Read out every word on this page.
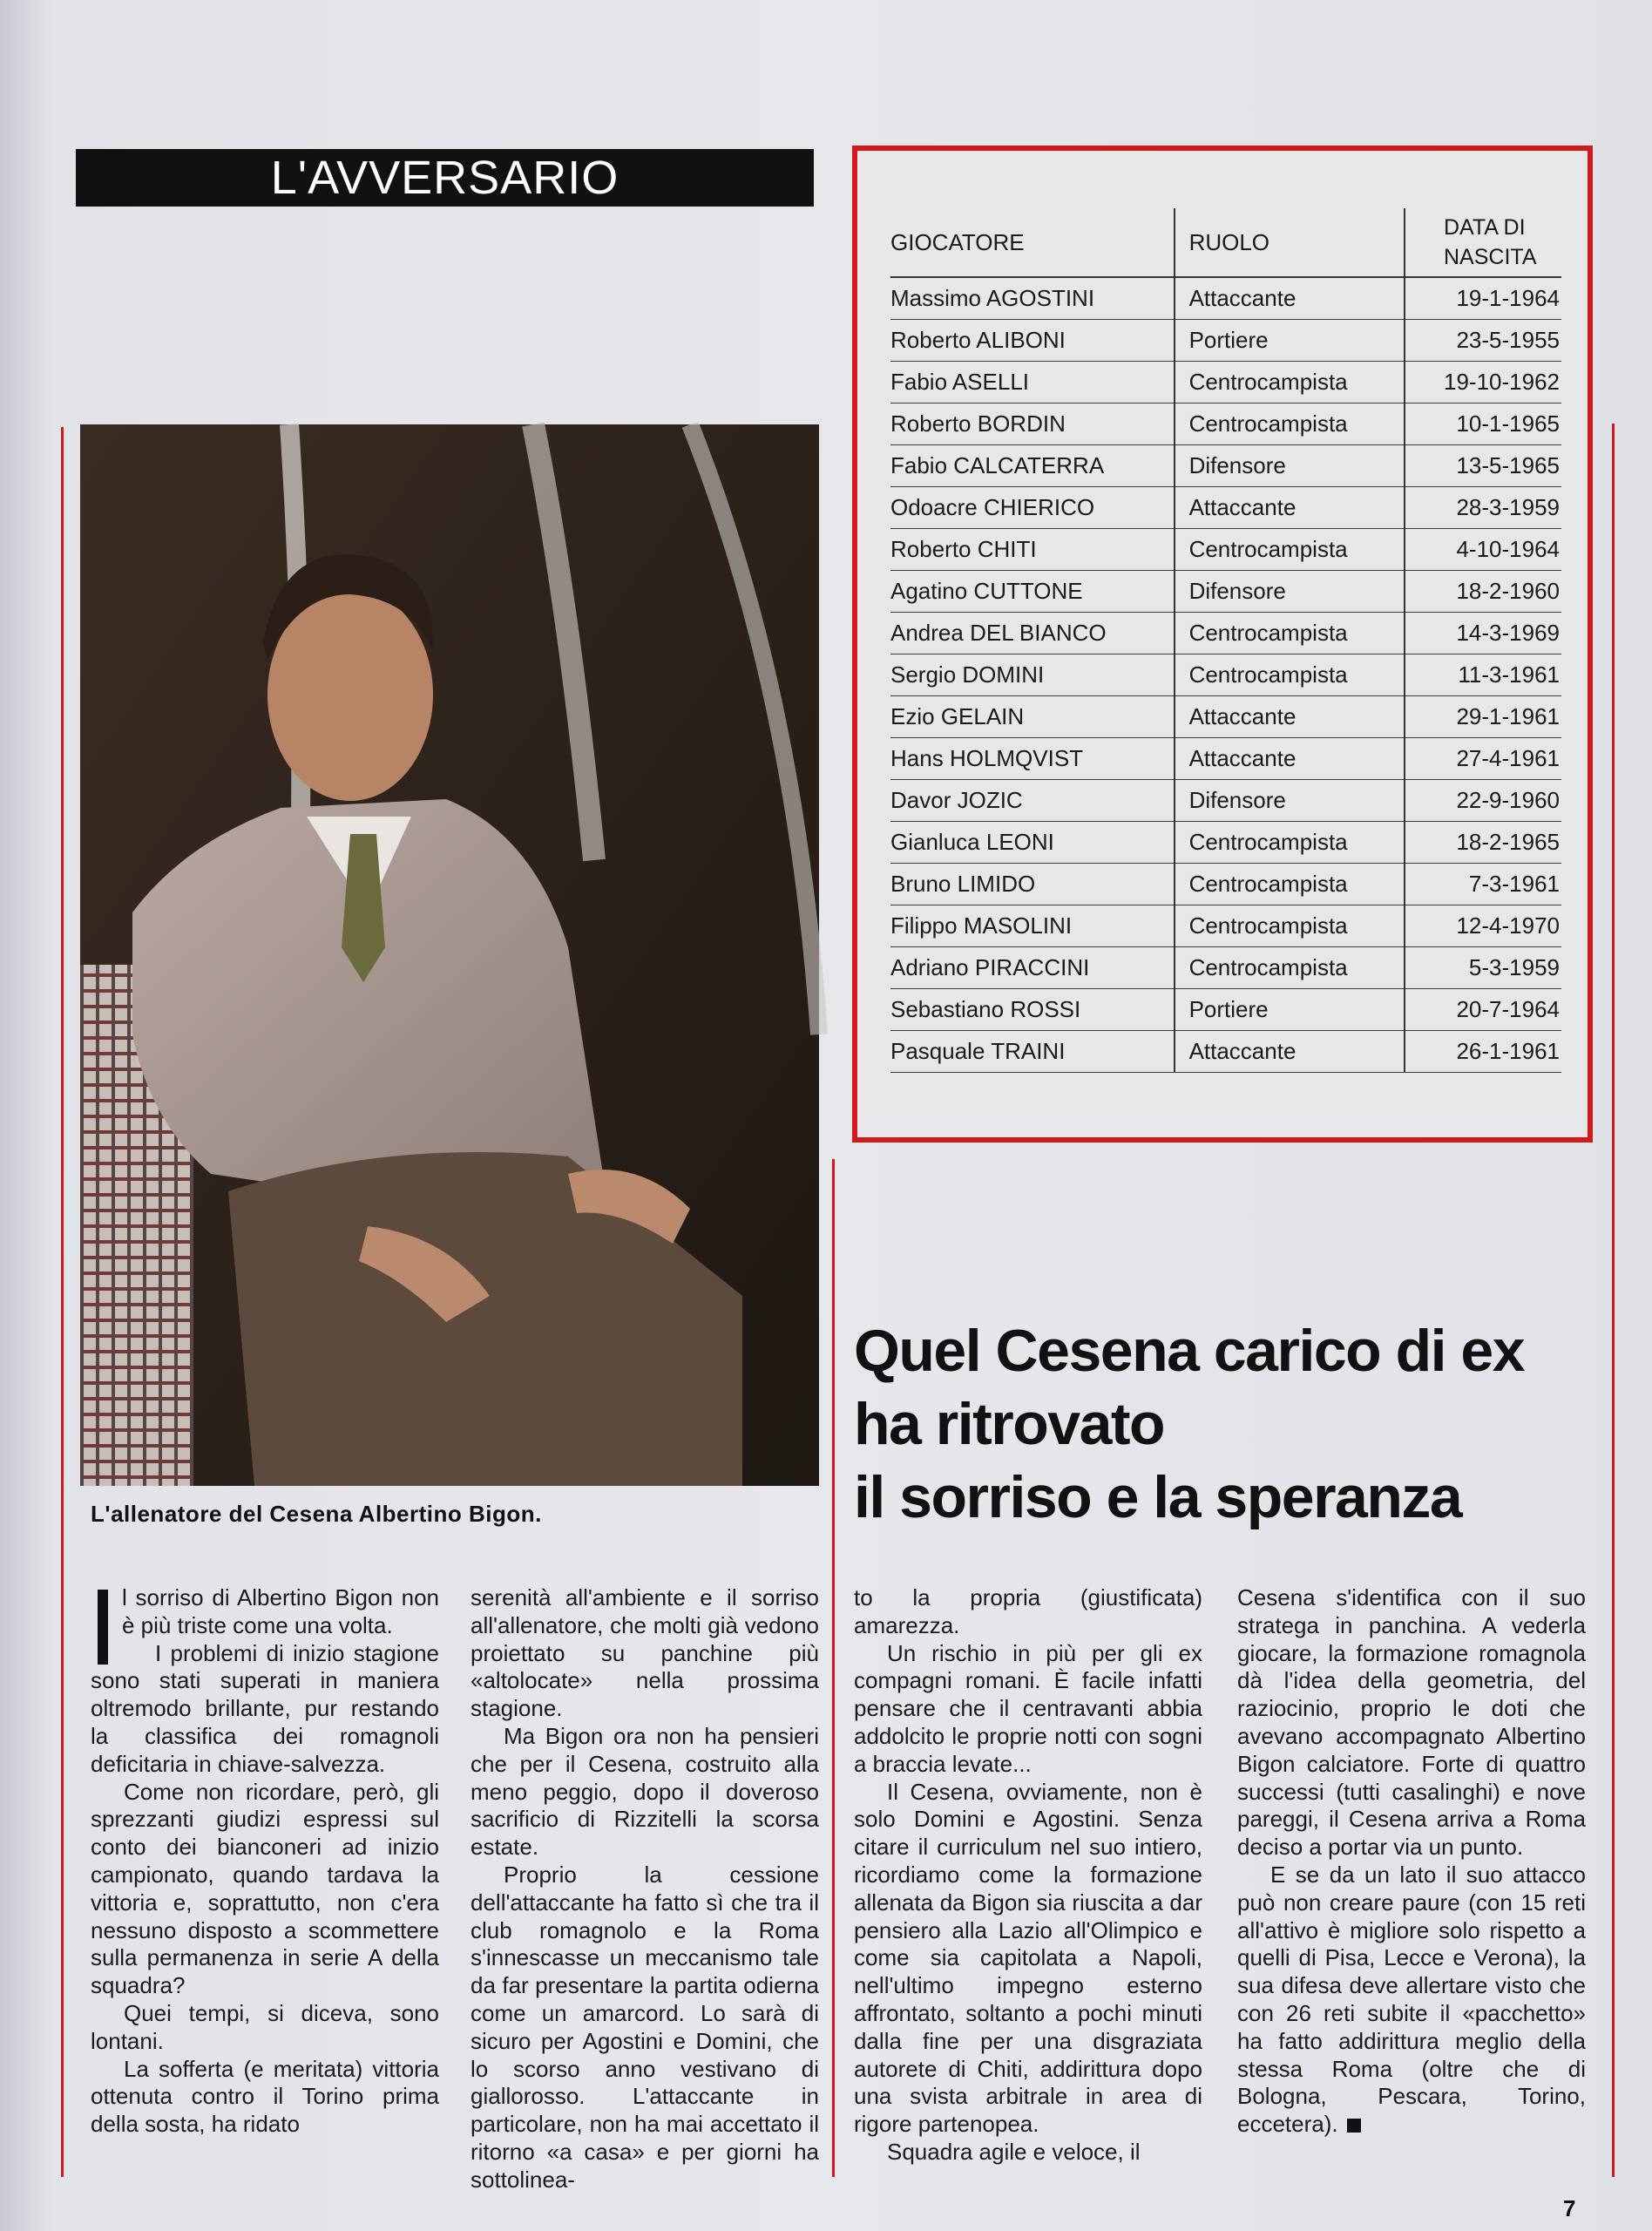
L'AVVERSARIO
GIOCATORE	RUOLO	DATA DI
NASCITA
Massimo AGOSTINI	Attaccante	19-1-1964
Roberto ALIBONI	Portiere	23-5-1955
Fabio ASELLI	Centrocampista	19-10-1962
Roberto BORDIN	Centrocampista	10-1-1965
Fabio CALCATERRA	Difensore	13-5-1965
Odoacre CHIERICO	Attaccante	28-3-1959
Roberto CHITI	Centrocampista	4-10-1964
Agatino CUTTONE	Difensore	18-2-1960
Andrea DEL BIANCO	Centrocampista	14-3-1969
Sergio DOMINI	Centrocampista	11-3-1961
Ezio GELAIN	Attaccante	29-1-1961
Hans HOLMQVIST	Attaccante	27-4-1961
Davor JOZIC	Difensore	22-9-1960
Gianluca LEONI	Centrocampista	18-2-1965
Bruno LIMIDO	Centrocampista	7-3-1961
Filippo MASOLINI	Centrocampista	12-4-1970
Adriano PIRACCINI	Centrocampista	5-3-1959
Sebastiano ROSSI	Portiere	20-7-1964
Pasquale TRAINI	Attaccante	26-1-1961
L'allenatore del Cesena Albertino Bigon.
Quel Cesena carico di ex
ha ritrovato
il sorriso e la speranza

l sorriso di Albertino Bigon non è più triste come una volta.

I problemi di inizio stagione sono stati superati in maniera oltremodo brillante, pur restando la classifica dei romagnoli deficitaria in chiave-salvezza.

Come non ricordare, però, gli sprezzanti giudizi espressi sul conto dei bianconeri ad inizio campionato, quando tardava la vittoria e, soprattutto, non c'era nessuno disposto a scommettere sulla permanenza in serie A della squadra?

Quei tempi, si diceva, sono lontani.

La sofferta (e meritata) vittoria ottenuta contro il Torino prima della sosta, ha ridato

serenità all'ambiente e il sorriso all'allenatore, che molti già vedono proiettato su panchine più «altolocate» nella prossima stagione.

Ma Bigon ora non ha pensieri che per il Cesena, costruito alla meno peggio, dopo il doveroso sacrificio di Rizzitelli la scorsa estate.

Proprio la cessione dell'attaccante ha fatto sì che tra il club romagnolo e la Roma s'innescasse un meccanismo tale da far presentare la partita odierna come un amarcord. Lo sarà di sicuro per Agostini e Domini, che lo scorso anno vestivano di giallorosso. L'attaccante in particolare, non ha mai accettato il ritorno «a casa» e per giorni ha sottolinea-

to la propria (giustificata) amarezza.

Un rischio in più per gli ex compagni romani. È facile infatti pensare che il centravanti abbia addolcito le proprie notti con sogni a braccia levate...

Il Cesena, ovviamente, non è solo Domini e Agostini. Senza citare il curriculum nel suo intiero, ricordiamo come la formazione allenata da Bigon sia riuscita a dar pensiero alla Lazio all'Olimpico e come sia capitolata a Napoli, nell'ultimo impegno esterno affrontato, soltanto a pochi minuti dalla fine per una disgraziata autorete di Chiti, addirittura dopo una svista arbitrale in area di rigore partenopea.

Squadra agile e veloce, il

Cesena s'identifica con il suo stratega in panchina. A vederla giocare, la formazione romagnola dà l'idea della geometria, del raziocinio, proprio le doti che avevano accompagnato Albertino Bigon calciatore. Forte di quattro successi (tutti casalinghi) e nove pareggi, il Cesena arriva a Roma deciso a portar via un punto.

E se da un lato il suo attacco può non creare paure (con 15 reti all'attivo è migliore solo rispetto a quelli di Pisa, Lecce e Verona), la sua difesa deve allertare visto che con 26 reti subite il «pacchetto» ha fatto addirittura meglio della stessa Roma (oltre che di Bologna, Pescara, Torino, eccetera).

7
